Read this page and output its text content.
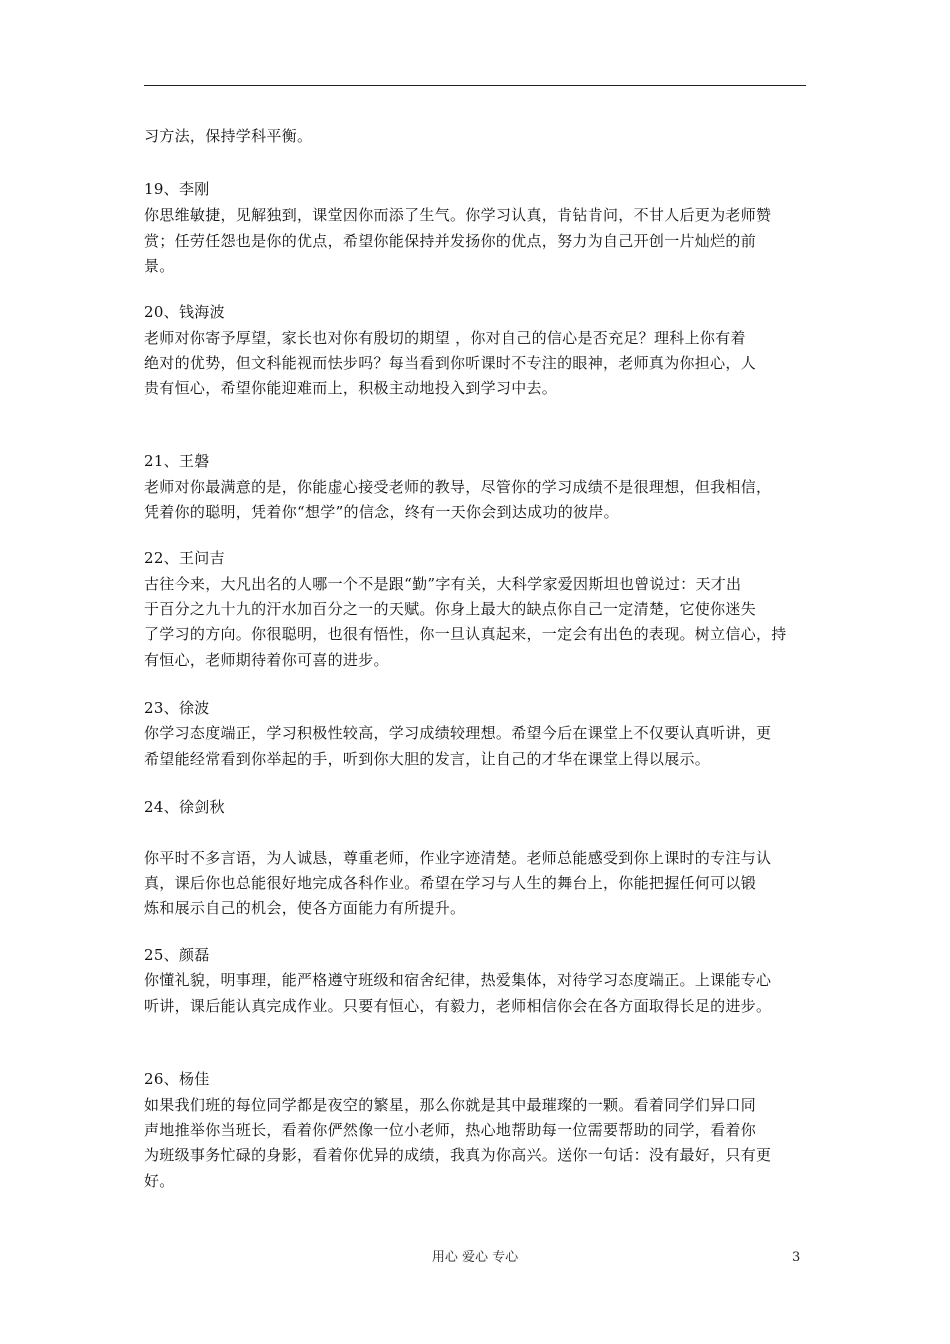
习方法，保持学科平衡。
19、李刚
你思维敏捷，见解独到，课堂因你而添了生气。你学习认真，肯钻肯问，不甘人后更为老师赞
赏；任劳任怨也是你的优点，希望你能保持并发扬你的优点，努力为自己开创一片灿烂的前
景。
20、钱海波
老师对你寄予厚望，家长也对你有殷切的期望 ，你对自己的信心是否充足？理科上你有着
绝对的优势，但文科能视而怯步吗？每当看到你听课时不专注的眼神，老师真为你担心，人
贵有恒心，希望你能迎难而上，积极主动地投入到学习中去。
21、王磐
老师对你最满意的是，你能虚心接受老师的教导，尽管你的学习成绩不是很理想，但我相信，
凭着你的聪明，凭着你“想学”的信念，终有一天你会到达成功的彼岸。
22、王问吉
古往今来，大凡出名的人哪一个不是跟“勤”字有关，大科学家爱因斯坦也曾说过：天才出
于百分之九十九的汗水加百分之一的天赋。你身上最大的缺点你自己一定清楚，它使你迷失
了学习的方向。你很聪明，也很有悟性，你一旦认真起来，一定会有出色的表现。树立信心，持
有恒心，老师期待着你可喜的进步。
23、徐波
你学习态度端正，学习积极性较高，学习成绩较理想。希望今后在课堂上不仅要认真听讲，更
希望能经常看到你举起的手，听到你大胆的发言，让自己的才华在课堂上得以展示。
24、徐剑秋
你平时不多言语，为人诚恳，尊重老师，作业字迹清楚。老师总能感受到你上课时的专注与认
真，课后你也总能很好地完成各科作业。希望在学习与人生的舞台上，你能把握任何可以锻
炼和展示自己的机会，使各方面能力有所提升。
25、颜磊
你懂礼貌，明事理，能严格遵守班级和宿舍纪律，热爱集体，对待学习态度端正。上课能专心
听讲，课后能认真完成作业。只要有恒心，有毅力，老师相信你会在各方面取得长足的进步。
26、杨佳
如果我们班的每位同学都是夜空的繁星，那么你就是其中最璀璨的一颗。看着同学们异口同
声地推举你当班长，看着你俨然像一位小老师，热心地帮助每一位需要帮助的同学，看着你
为班级事务忙碌的身影，看着你优异的成绩，我真为你高兴。送你一句话：没有最好，只有更
好。
用心 爱心 专心	3
